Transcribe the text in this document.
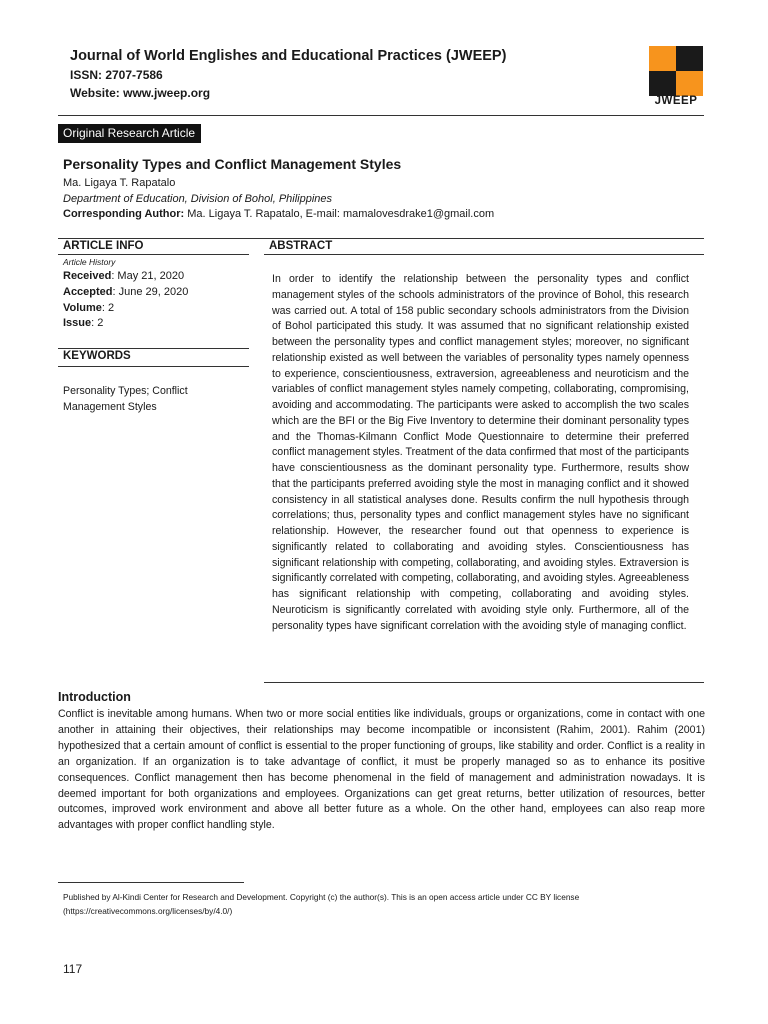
Journal of World Englishes and Educational Practices (JWEEP)
ISSN: 2707-7586
Website: www.jweep.org
JWEEP
Original Research Article
Personality Types and Conflict Management Styles
Ma. Ligaya T. Rapatalo
Department of Education, Division of Bohol, Philippines
Corresponding Author: Ma. Ligaya T. Rapatalo, E-mail: mamalovesdrake1@gmail.com
ARTICLE INFO	ABSTRACT
Article History
Received: May 21, 2020
Accepted: June 29, 2020
Volume: 2
Issue: 2
KEYWORDS
Personality Types; Conflict Management Styles
In order to identify the relationship between the personality types and conflict management styles of the schools administrators of the province of Bohol, this research was carried out. A total of 158 public secondary schools administrators from the Division of Bohol participated this study. It was assumed that no significant relationship existed between the personality types and conflict management styles; moreover, no significant relationship existed as well between the variables of personality types namely openness to experience, conscientiousness, extraversion, agreeableness and neuroticism and the variables of conflict management styles namely competing, collaborating, compromising, avoiding and accommodating. The participants were asked to accomplish the two scales which are the BFI or the Big Five Inventory to determine their dominant personality types and the Thomas-Kilmann Conflict Mode Questionnaire to determine their preferred conflict management styles. Treatment of the data confirmed that most of the participants have conscientiousness as the dominant personality type. Furthermore, results show that the participants preferred avoiding style the most in managing conflict and it showed consistency in all statistical analyses done. Results confirm the null hypothesis through correlations; thus, personality types and conflict management styles have no significant relationship. However, the researcher found out that openness to experience is significantly related to collaborating and avoiding styles. Conscientiousness has significant relationship with competing, collaborating, and avoiding styles. Extraversion is significantly correlated with competing, collaborating, and avoiding styles. Agreeableness has significant relationship with competing, collaborating and avoiding styles. Neuroticism is significantly correlated with avoiding style only. Furthermore, all of the personality types have significant correlation with the avoiding style of managing conflict.
Introduction
Conflict is inevitable among humans. When two or more social entities like individuals, groups or organizations, come in contact with one another in attaining their objectives, their relationships may become incompatible or inconsistent (Rahim, 2001). Rahim (2001) hypothesized that a certain amount of conflict is essential to the proper functioning of groups, like stability and order. Conflict is a reality in an organization. If an organization is to take advantage of conflict, it must be properly managed so as to enhance its positive consequences. Conflict management then has become phenomenal in the field of management and administration nowadays. It is deemed important for both organizations and employees. Organizations can get great returns, better utilization of resources, better outcomes, improved work environment and above all better future as a whole. On the other hand, employees can also reap more advantages with proper conflict handling style.
Published by Al-Kindi Center for Research and Development. Copyright (c) the author(s). This is an open access article under CC BY license
(https://creativecommons.org/licenses/by/4.0/)
117
